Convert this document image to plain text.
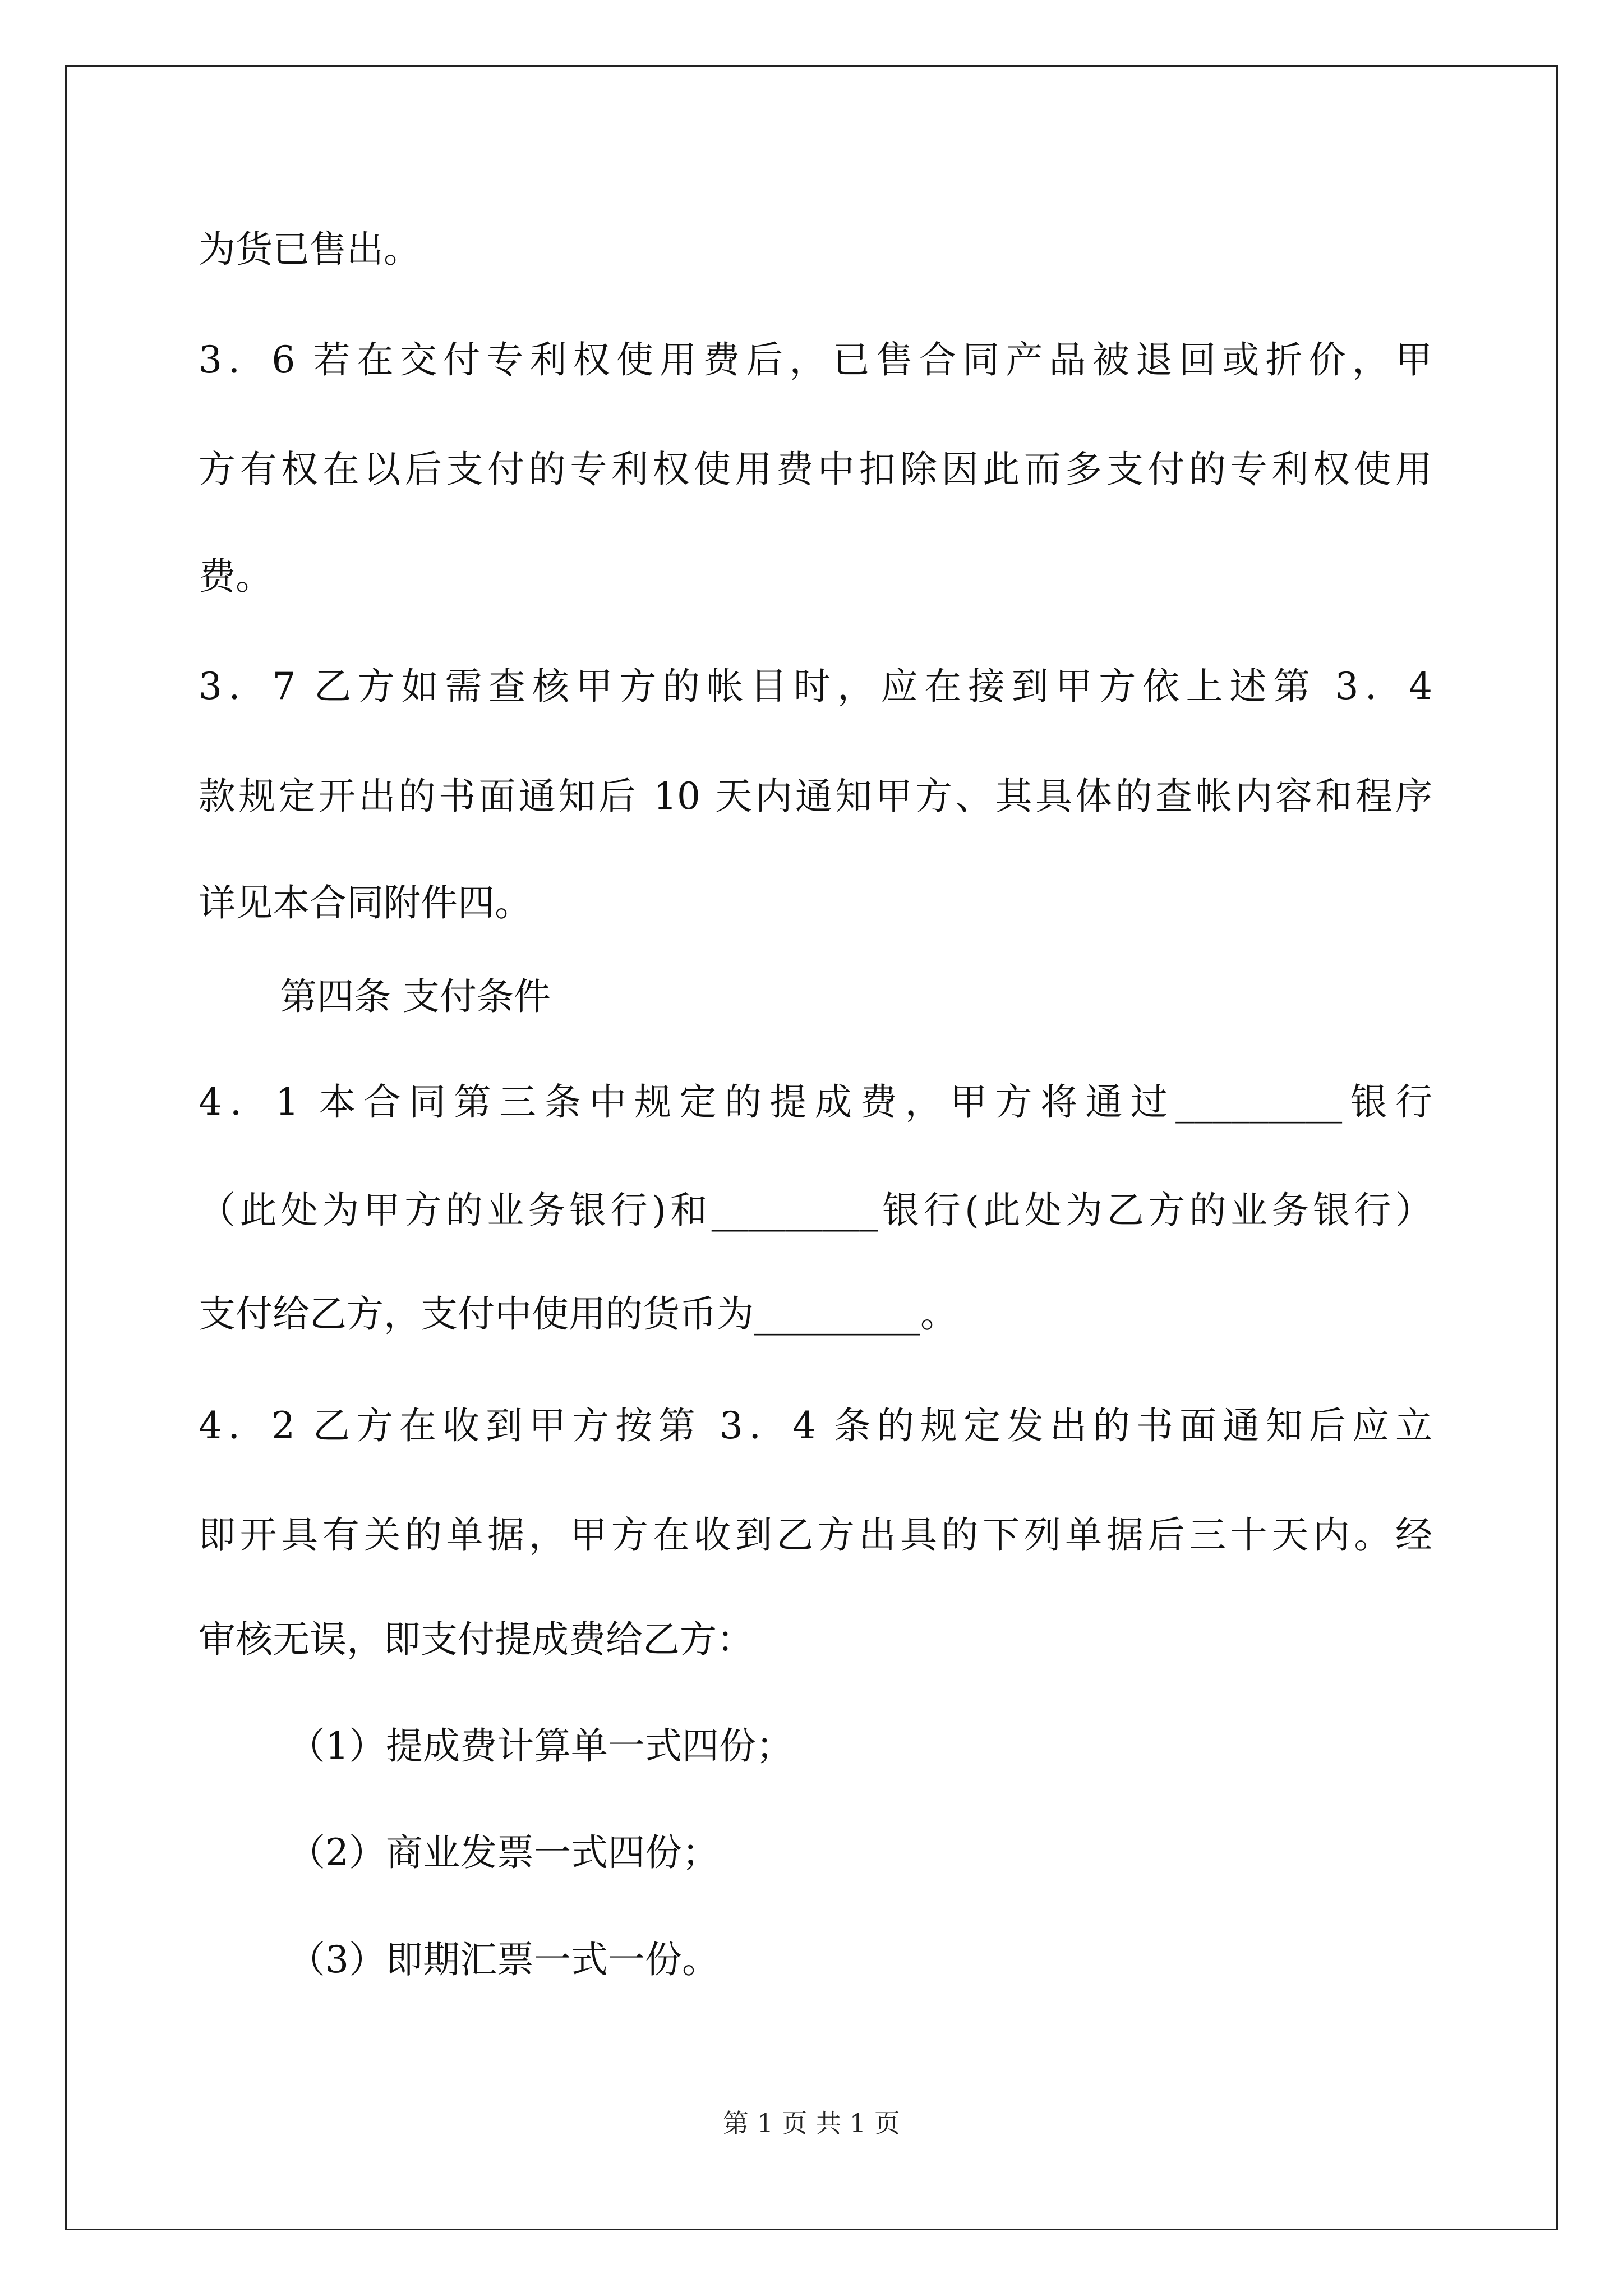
为货已售出。
3．6 若在交付专利权使用费后，已售合同产品被退回或折价，甲
方有权在以后支付的专利权使用费中扣除因此而多支付的专利权使用
费。
3．7 乙方如需查核甲方的帐目时，应在接到甲方依上述第 3．4
款规定开出的书面通知后 10 天内通知甲方、其具体的查帐内容和程序
详见本合同附件四。
第四条 支付条件
4．1 本合同第三条中规定的提成费，甲方将通过_________银行
（此处为甲方的业务银行)和_________银行(此处为乙方的业务银行）
支付给乙方，支付中使用的货币为_________。
4．2 乙方在收到甲方按第 3．4 条的规定发出的书面通知后应立
即开具有关的单据，甲方在收到乙方出具的下列单据后三十天内。经
审核无误，即支付提成费给乙方：
（1）提成费计算单一式四份；
（2）商业发票一式四份；
（3）即期汇票一式一份。
第 1 页 共 1 页
